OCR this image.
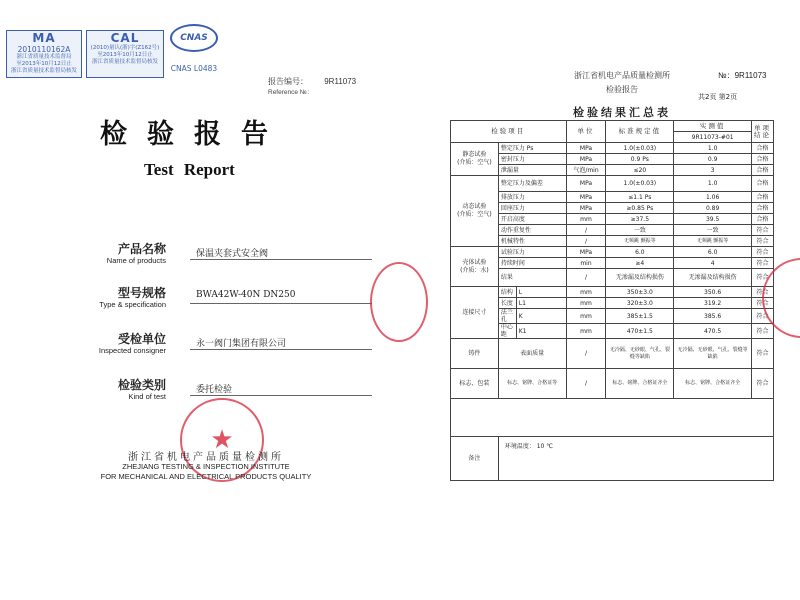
MA
2010110162A
浙江省质量技术监督局
至2013年10月12日止
浙江省质量技术监督局核发
CAL
(2010)量认(浙)字(Z162号)
至2013年10月12日止
浙江省质量技术监督局核发
CNAS
CNAS L0483
报告编号： 9R11073
Reference №：
检验报告
Test Report
产品名称
Name of products
保温夹套式安全阀
型号规格
Type & specification
BWA42W-40N DN250
受检单位
Inspected consigner
永一阀门集团有限公司
检验类别
Kind of test
委托检验
★
浙江省机电产品质量检测所
ZHEJIANG TESTING & INSPECTION INSTITUTE
FOR MECHANICAL AND ELECTRICAL PRODUCTS QUALITY
浙江省机电产品质量检测所
检验报告
№：9R11073
共2页 第2页
检验结果汇总表
检验项目			单位	标准规定值	实测值	单项结论
					9R11073-#01	
静态试验
(介质：空气)	整定压力 Ps		MPa	1.0(±0.03)	1.0	合格
	密封压力		MPa	0.9 Ps	0.9	合格
	泄漏量		气泡/min	≤20	3	合格
动态试验
(介质：空气)	整定压力及偏差		MPa	1.0(±0.03)	1.0	合格
	排放压力		MPa	≤1.1 Ps	1.06	合格
	回座压力		MPa	≥0.85 Ps	0.89	合格
	开启高度		mm	≥37.5	39.5	合格
	动作重复性		/	一致	一致	符合
	机械特性		/	无频跳 颤振等	无频跳 颤振等	符合
壳体试验
(介质：水)	试验压力		MPa	6.0	6.0	符合
	持续时间		min	≥4	4	符合
	结果		/	无渗漏及结构损伤	无渗漏及结构损伤	符合
连接尺寸	结构	L	mm	350±3.0	350.6	符合
	长度	L1	mm	320±3.0	319.2	符合
	法兰孔	K	mm	385±1.5	385.6	符合
	中心距	K1	mm	470±1.5	470.5	符合
铸件	表面质量		/	无冷隔、无砂眼、气孔、裂缝等缺陷	无冷隔、无砂眼、气孔、裂缝等缺陷	符合
标志、包装	标志、铭牌、合格证等		/	标志、铭牌、合格证齐全	标志、铭牌、合格证齐全	符合

备注	环境温度： 10 ℃					
